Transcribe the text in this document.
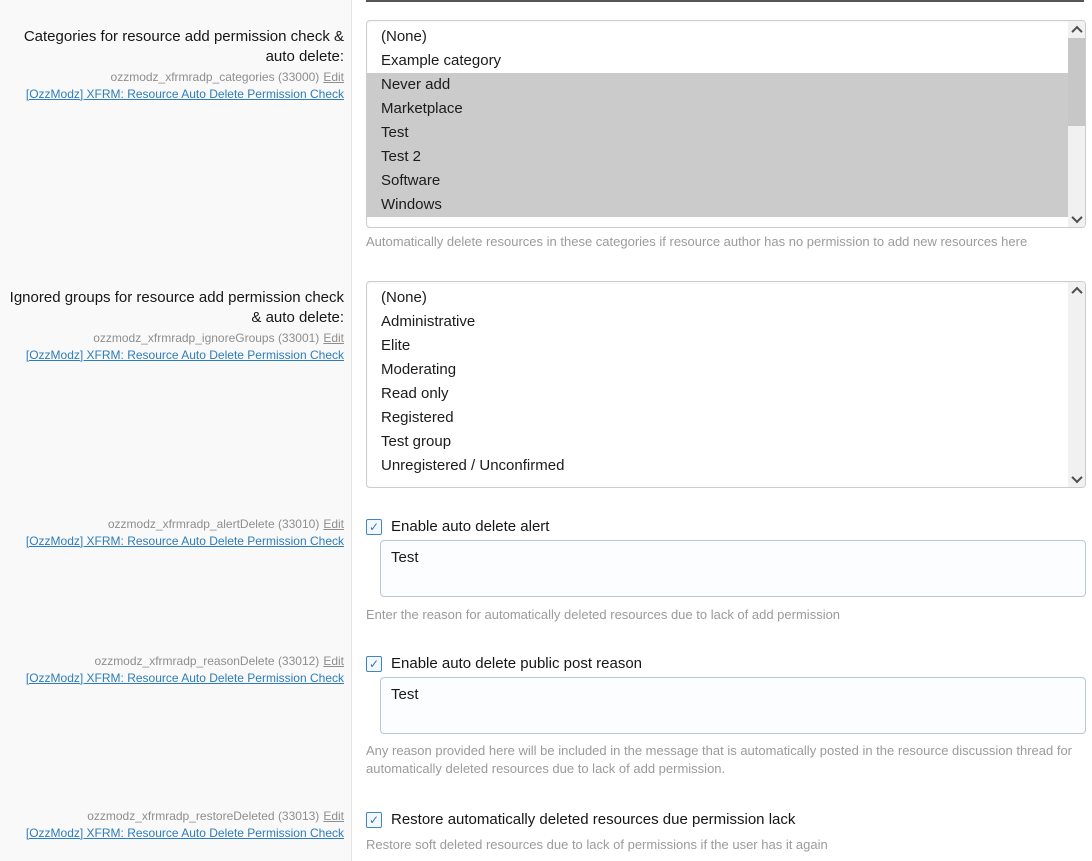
Categories for resource add permission check & auto delete:
ozzmodz_xfrmradp_categories (33000) Edit
[OzzModz] XFRM: Resource Auto Delete Permission Check
(None)
Example category
Never add
Marketplace
Test
Test 2
Software
Windows
Automatically delete resources in these categories if resource author has no permission to add new resources here
Ignored groups for resource add permission check & auto delete:
ozzmodz_xfrmradp_ignoreGroups (33001) Edit
[OzzModz] XFRM: Resource Auto Delete Permission Check
(None)
Administrative
Elite
Moderating
Read only
Registered
Test group
Unregistered / Unconfirmed
ozzmodz_xfrmradp_alertDelete (33010) Edit
[OzzModz] XFRM: Resource Auto Delete Permission Check
✓ Enable auto delete alert
Test
Enter the reason for automatically deleted resources due to lack of add permission
ozzmodz_xfrmradp_reasonDelete (33012) Edit
[OzzModz] XFRM: Resource Auto Delete Permission Check
✓ Enable auto delete public post reason
Test
Any reason provided here will be included in the message that is automatically posted in the resource discussion thread for automatically deleted resources due to lack of add permission.
ozzmodz_xfrmradp_restoreDeleted (33013) Edit
[OzzModz] XFRM: Resource Auto Delete Permission Check
✓ Restore automatically deleted resources due permission lack
Restore soft deleted resources due to lack of permissions if the user has it again
